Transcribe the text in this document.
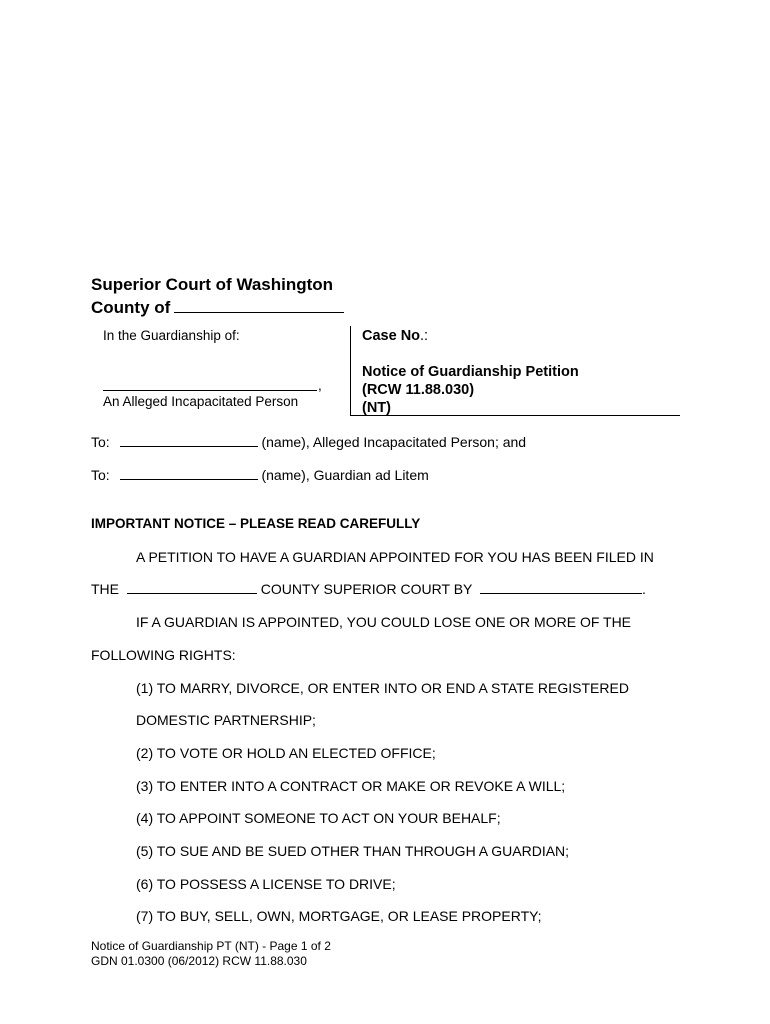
Superior Court of Washington
County of
In the Guardianship of:
,
An Alleged Incapacitated Person
Case No.:
Notice of Guardianship Petition
(RCW 11.88.030)
(NT)
To:	(name), Alleged Incapacitated Person; and
To:	(name), Guardian ad Litem
IMPORTANT NOTICE – PLEASE READ CAREFULLY
A PETITION TO HAVE A GUARDIAN APPOINTED FOR YOU HAS BEEN FILED IN
THE	COUNTY SUPERIOR COURT BY	.
IF A GUARDIAN IS APPOINTED, YOU COULD LOSE ONE OR MORE OF THE
FOLLOWING RIGHTS:
(1) TO MARRY, DIVORCE, OR ENTER INTO OR END A STATE REGISTERED
DOMESTIC PARTNERSHIP;
(2) TO VOTE OR HOLD AN ELECTED OFFICE;
(3) TO ENTER INTO A CONTRACT OR MAKE OR REVOKE A WILL;
(4) TO APPOINT SOMEONE TO ACT ON YOUR BEHALF;
(5) TO SUE AND BE SUED OTHER THAN THROUGH A GUARDIAN;
(6) TO POSSESS A LICENSE TO DRIVE;
(7) TO BUY, SELL, OWN, MORTGAGE, OR LEASE PROPERTY;
Notice of Guardianship PT (NT) - Page 1 of 2
GDN 01.0300 (06/2012) RCW 11.88.030
